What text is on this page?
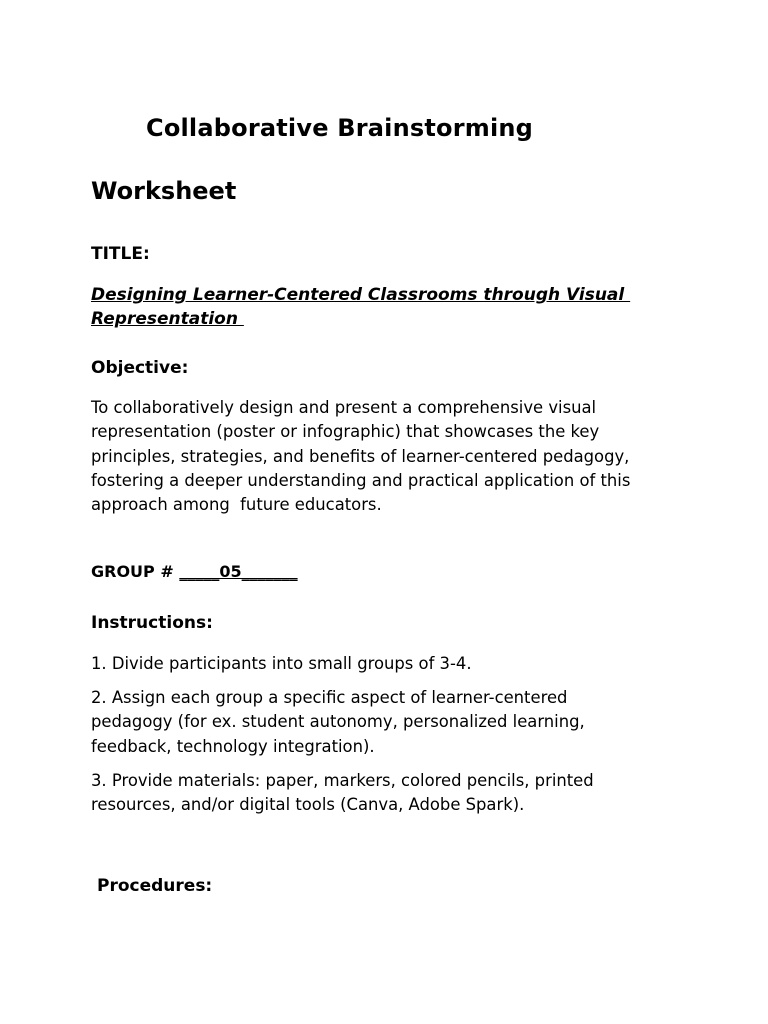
Collaborative Brainstorming
Worksheet
TITLE:
Designing Learner-Centered Classrooms through Visual
Representation
Objective:
To collaboratively design and present a comprehensive visual
representation (poster or infographic) that showcases the key
principles, strategies, and benefits of learner-centered pedagogy,
fostering a deeper understanding and practical application of this
approach among  future educators.
GROUP # _____05_______
Instructions:
1. Divide participants into small groups of 3-4.
2. Assign each group a specific aspect of learner-centered
pedagogy (for ex. student autonomy, personalized learning,
feedback, technology integration).
3. Provide materials: paper, markers, colored pencils, printed
resources, and/or digital tools (Canva, Adobe Spark).
Procedures:
